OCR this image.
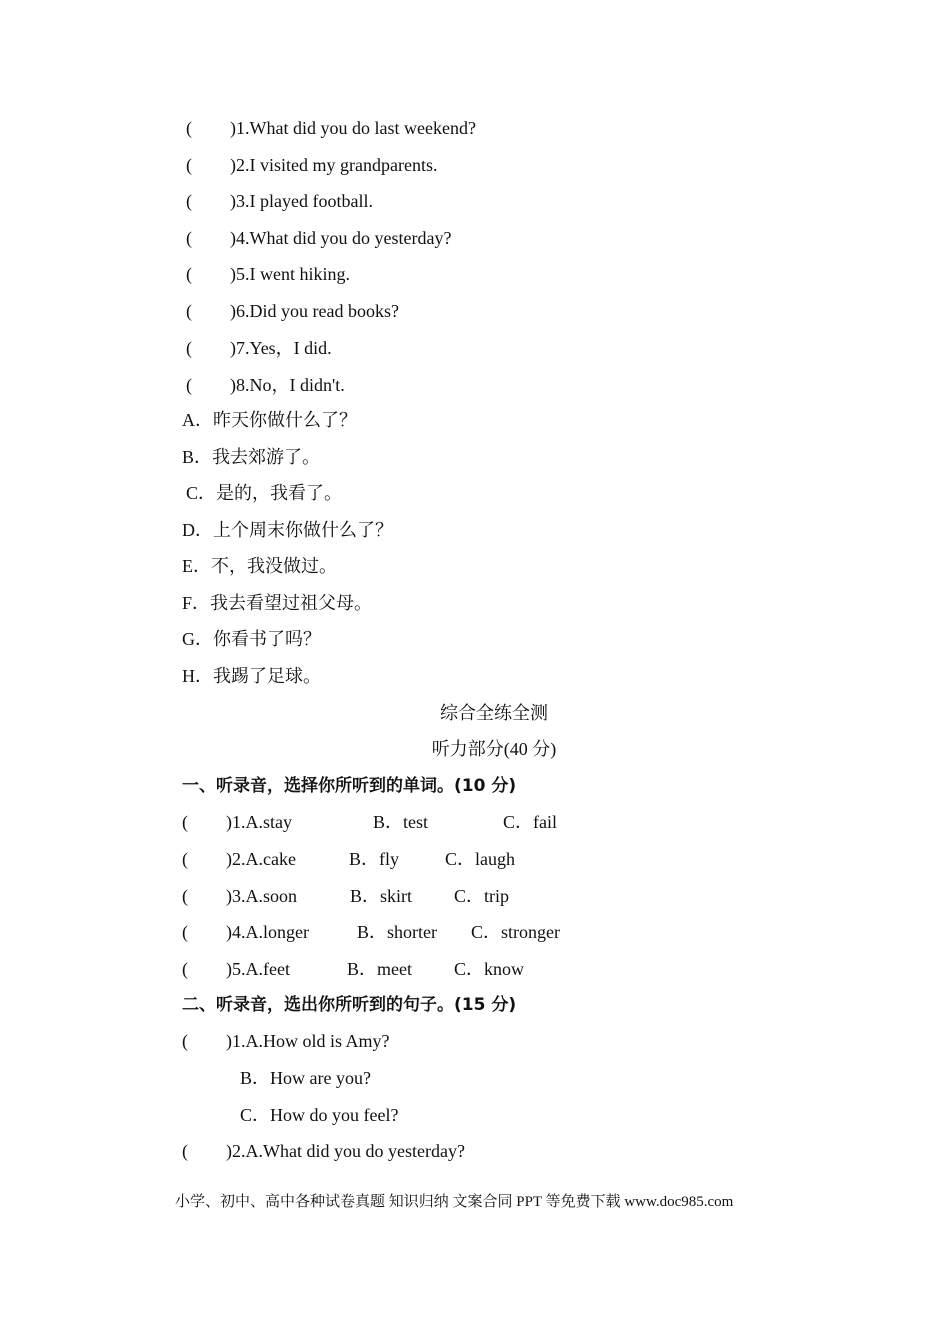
( )1.What did you do last weekend?
( )2.I visited my grandparents.
( )3.I played football.
( )4.What did you do yesterday?
( )5.I went hiking.
( )6.Did you read books?
( )7.Yes，I did.
( )8.No，I didn't.
A．昨天你做什么了？
B．我去郊游了。
C．是的，我看了。
D．上个周末你做什么了？
E．不，我没做过。
F．我去看望过祖父母。
G．你看书了吗？
H．我踢了足球。
综合全练全测
听力部分(40 分)
一、听录音，选择你所听到的单词。(10 分)
( )1.A.stay	B．test	C．fail
( )2.A.cake	B．fly	C．laugh
( )3.A.soon	B．skirt C．trip
( )4.A.longer	B．shorter C．stronger
( )5.A.feet	B．meet C．know
二、听录音，选出你所听到的句子。(15 分)
( )1.A.How old is Amy?
B．How are you?
C．How do you feel?
( )2.A.What did you do yesterday?
小学、初中、高中各种试卷真题 知识归纳 文案合同 PPT 等免费下载 www.doc985.com
